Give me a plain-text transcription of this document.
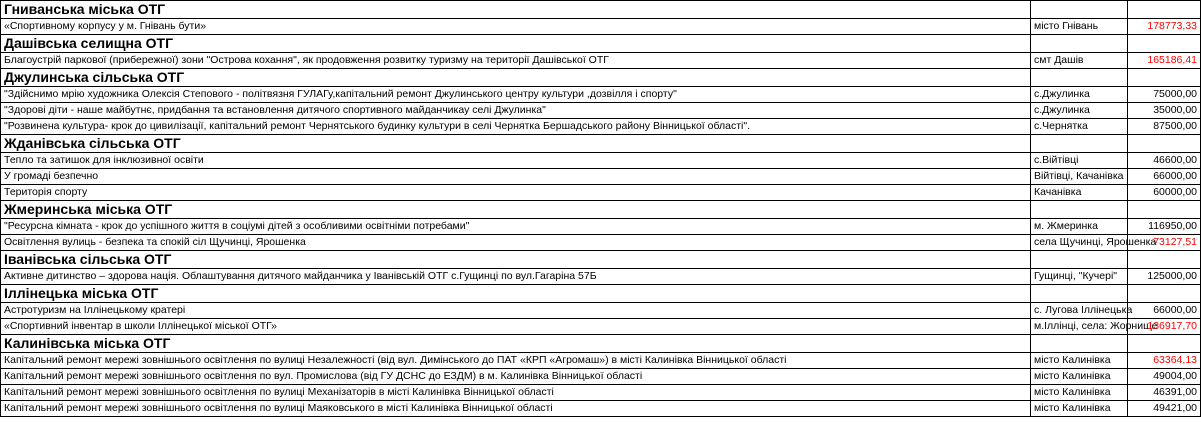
Гниванська міська ОТГ		
«Спортивному корпусу у м. Гнівань бути»	місто Гнівань	178773,33
Дашівська селищна ОТГ		
Благоустрій паркової (прибережної) зони "Острова кохання", як продовження розвитку туризму на території Дашівської ОТГ	смт Дашів	165186,41
Джулинська сільська ОТГ		
"Здійснимо мрію художника Олексія Степового - політвязня ГУЛАГу,капітальний ремонт Джулинського центру культури ,дозвілля і спорту"	с.Джулинка	75000,00
"Здорові діти - наше майбутнє, придбання та встановлення дитячого спортивного майданчикау селі Джулинка"	с.Джулинка	35000,00
"Розвинена культура- крок до цивилізації, капітальний ремонт Чернятського будинку культури в селі Чернятка Бершадського району Вінницької області".	с.Чернятка	87500,00
Жданівська сільська ОТГ		
Тепло та затишок для інклюзивної освіти	с.Війтівці	46600,00
У громаді безпечно	Війтівці, Качанівка	66000,00
Територія спорту	Качанівка	60000,00
Жмеринська міська ОТГ		
"Ресурсна кімната - крок до успішного життя в соціумі дітей з особливими освітніми потребами"	м. Жмеринка	116950,00
Освітлення вулиць - безпека та спокій сіл Щучинці, Ярошенка	села Щучинці, Ярошенка	73127,51
Іванівська сільська ОТГ		
Активне дитинство – здорова нація. Облаштування дитячого майданчика у Іванівській ОТГ с.Гущинці по вул.Гагаріна 57Б	Гущинці, "Кучері"	125000,00
Іллінецька міська ОТГ		
Астротуризм на Іллінецькому кратері	с. Лугова Іллінецька	66000,00
«Спортивний інвентар в школи Іллінецької міської ОТГ»	м.Іллінці, села: Жорнище	136917,70
Калинівська міська ОТГ		
Капітальний ремонт мережі зовнішнього освітлення по вулиці Незалежності (від вул. Димінського до ПАТ «КРП «Агромаш») в місті Калинівка Вінницької області	місто Калинівка	63364,13
Капітальний ремонт мережі зовнішнього освітлення по вул. Промислова (від ГУ ДСНС до ЕЗДМ) в м. Калинівка Вінницької області	місто Калинівка	49004,00
Капітальний ремонт мережі зовнішнього освітлення по вулиці Механізаторів в місті Калинівка Вінницької області	місто Калинівка	46391,00
Капітальний ремонт мережі зовнішнього освітлення по вулиці Маяковського в місті Калинівка Вінницької області	місто Калинівка	49421,00
